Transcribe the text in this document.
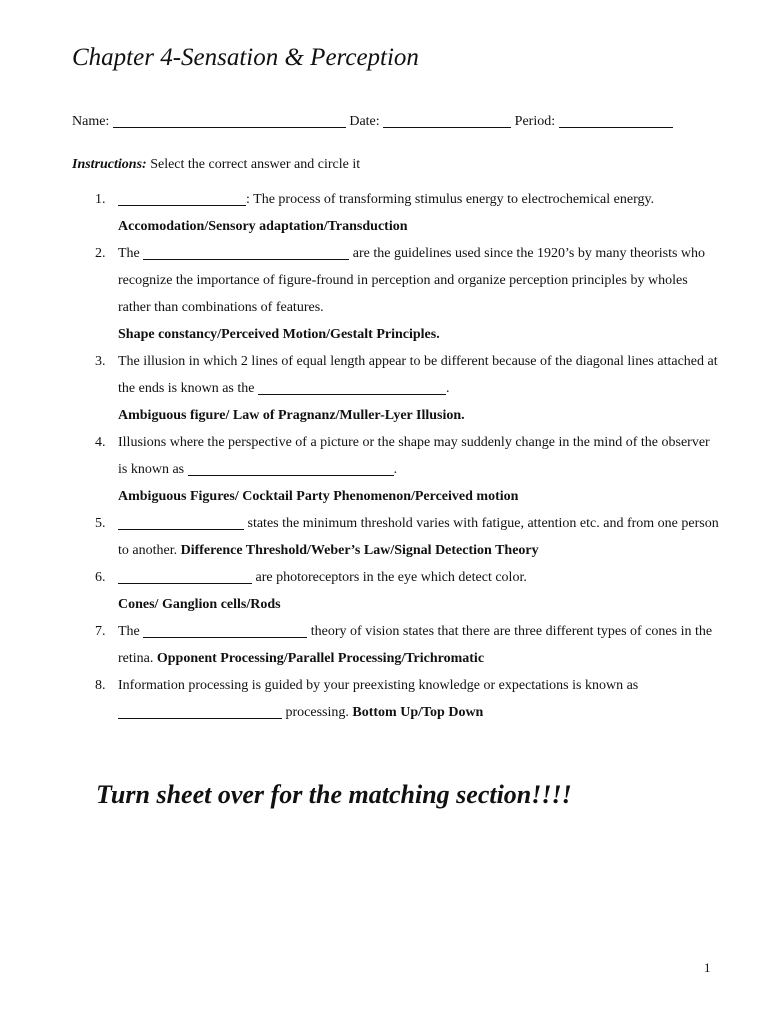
Chapter 4-Sensation & Perception
Name:	Date:	Period:
Instructions: Select the correct answer and circle it
1.	: The process of transforming stimulus energy to electrochemical energy.
Accomodation/Sensory adaptation/Transduction
2. The	are the guidelines used since the 1920’s by many theorists who recognize the importance of figure-fround in perception and organize perception principles by wholes rather than combinations of features.
Shape constancy/Perceived Motion/Gestalt Principles.
3. The illusion in which 2 lines of equal length appear to be different because of the diagonal lines attached at the ends is known as the	.
Ambiguous figure/ Law of Pragnanz/Muller-Lyer Illusion.
4. Illusions where the perspective of a picture or the shape may suddenly change in the mind of the observer is known as	.
Ambiguous Figures/ Cocktail Party Phenomenon/Perceived motion
5.	states the minimum threshold varies with fatigue, attention etc. and from one person to another. Difference Threshold/Weber’s Law/Signal Detection Theory
6.	are photoreceptors in the eye which detect color.
Cones/ Ganglion cells/Rods
7. The	theory of vision states that there are three different types of cones in the retina. Opponent Processing/Parallel Processing/Trichromatic
8. Information processing is guided by your preexisting knowledge or expectations is known as  processing. Bottom Up/Top Down
Turn sheet over for the matching section!!!!
1
